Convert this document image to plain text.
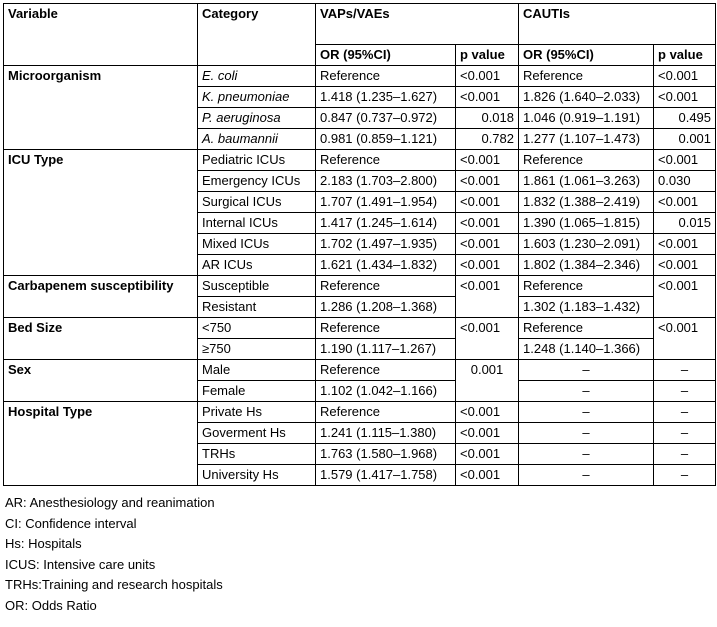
Variable	Category	VAPs/VAEs		CAUTIs	
		OR (95%CI)	p value	OR (95%CI)	p value
Microorganism	E. coli	Reference	<0.001	Reference	<0.001
	K. pneumoniae	1.418 (1.235–1.627)	<0.001	1.826 (1.640–2.033)	<0.001
	P. aeruginosa	0.847 (0.737–0.972)	0.018	1.046 (0.919–1.191)	0.495
	A. baumannii	0.981 (0.859–1.121)	0.782	1.277 (1.107–1.473)	0.001
ICU Type	Pediatric ICUs	Reference	<0.001	Reference	<0.001
	Emergency ICUs	2.183 (1.703–2.800)	<0.001	1.861 (1.061–3.263)	0.030
	Surgical ICUs	1.707 (1.491–1.954)	<0.001	1.832 (1.388–2.419)	<0.001
	Internal ICUs	1.417 (1.245–1.614)	<0.001	1.390 (1.065–1.815)	0.015
	Mixed ICUs	1.702 (1.497–1.935)	<0.001	1.603 (1.230–2.091)	<0.001
	AR ICUs	1.621 (1.434–1.832)	<0.001	1.802 (1.384–2.346)	<0.001
Carbapenem susceptibility	Susceptible	Reference	<0.001	Reference	<0.001
	Resistant	1.286 (1.208–1.368)		1.302 (1.183–1.432)	
Bed Size	<750	Reference	<0.001	Reference	<0.001
	≥750	1.190 (1.117–1.267)		1.248 (1.140–1.366)	
Sex	Male	Reference	0.001	–	–
	Female	1.102 (1.042–1.166)		–	–
Hospital Type	Private Hs	Reference	<0.001	–	–
	Goverment Hs	1.241 (1.115–1.380)	<0.001	–	–
	TRHs	1.763 (1.580–1.968)	<0.001	–	–
	University Hs	1.579 (1.417–1.758)	<0.001	–	–
AR: Anesthesiology and reanimation
CI: Confidence interval
Hs: Hospitals
ICUS: Intensive care units
TRHs:Training and research hospitals
OR: Odds Ratio
